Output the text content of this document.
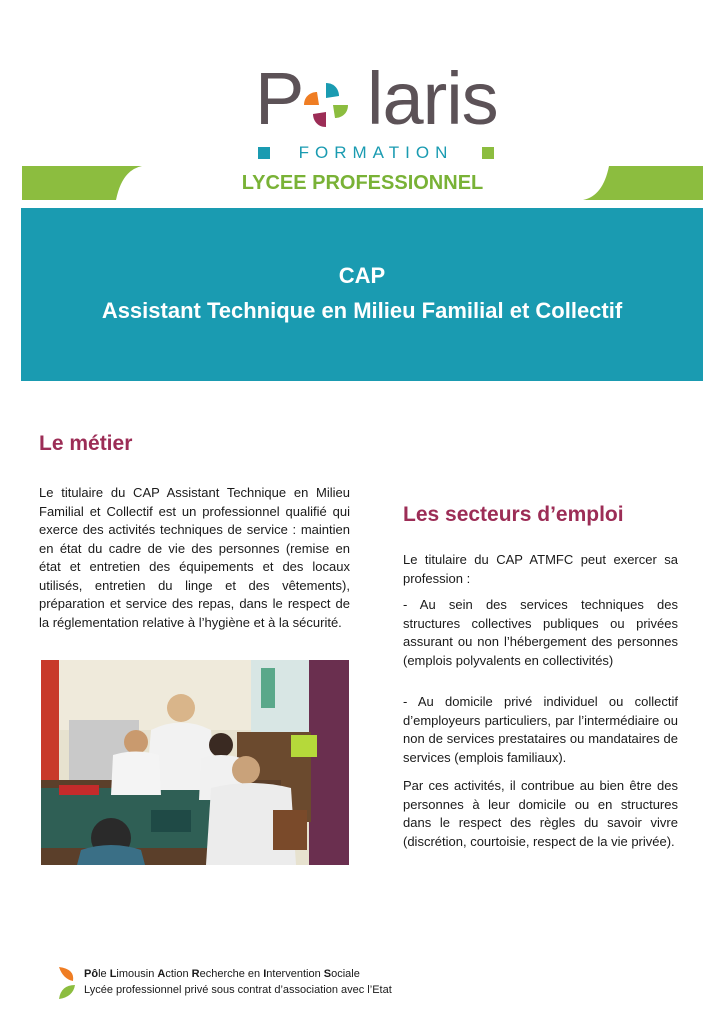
P laris
FORMATION
LYCEE PROFESSIONNEL
CAP
Assistant Technique en Milieu Familial et Collectif
Le métier

Le titulaire du CAP Assistant Technique en Milieu Familial et Collectif est un professionnel qualifié qui exerce des activités techniques de service : maintien en état du cadre de vie des personnes (remise en état et entretien des équipements et des locaux utilisés, entretien du linge et des vêtements), préparation et service des repas, dans le respect de la réglementation relative à l’hygiène et à la sécurité.

Les secteurs d’emploi

Le titulaire du CAP ATMFC peut exercer sa profession :

- Au sein des services techniques des structures collectives publiques ou privées assurant ou non l’hébergement des personnes (emplois polyvalents en collectivités)

- Au domicile privé individuel ou collectif d’employeurs particuliers, par l’intermédiaire ou non de services prestataires ou mandataires de services (emplois familiaux).

Par ces activités, il contribue au bien être des personnes à leur domicile ou en structures dans le respect des règles du savoir vivre (discrétion, courtoisie, respect de la vie privée).

Pôle Limousin Action Recherche en Intervention Sociale
Lycée professionnel privé sous contrat d’association avec l’Etat
